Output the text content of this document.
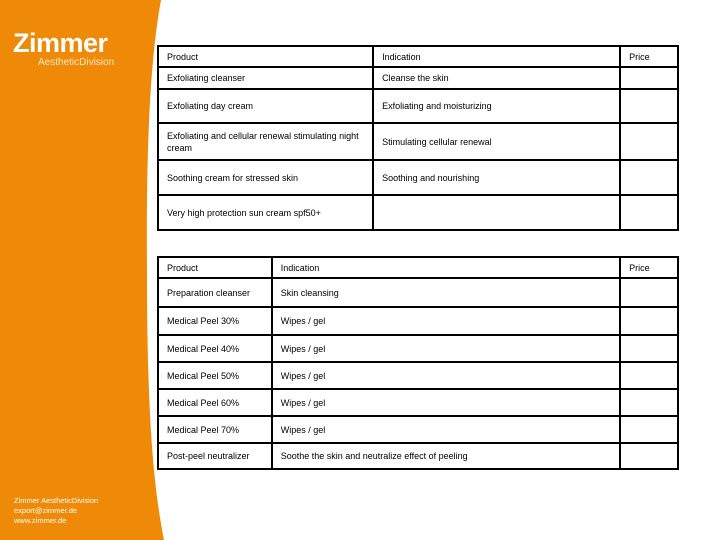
Zimmer
AestheticDivision
Zimmer AestheticDivision
export@zimmer.de
www.zimmer.de
Product	Indication	Price
Exfoliating cleanser	Cleanse the skin	
Exfoliating day cream	Exfoliating and moisturizing	
Exfoliating and cellular renewal stimulating night cream	Stimulating cellular renewal	
Soothing cream for stressed skin	Soothing and nourishing	
Very high protection sun cream spf50+		
Product	Indication	Price
Preparation cleanser	Skin cleansing	
Medical Peel 30%	Wipes / gel	
Medical Peel 40%	Wipes / gel	
Medical Peel 50%	Wipes / gel	
Medical Peel 60%	Wipes / gel	
Medical Peel 70%	Wipes / gel	
Post-peel neutralizer	Soothe the skin and neutralize effect of peeling	
